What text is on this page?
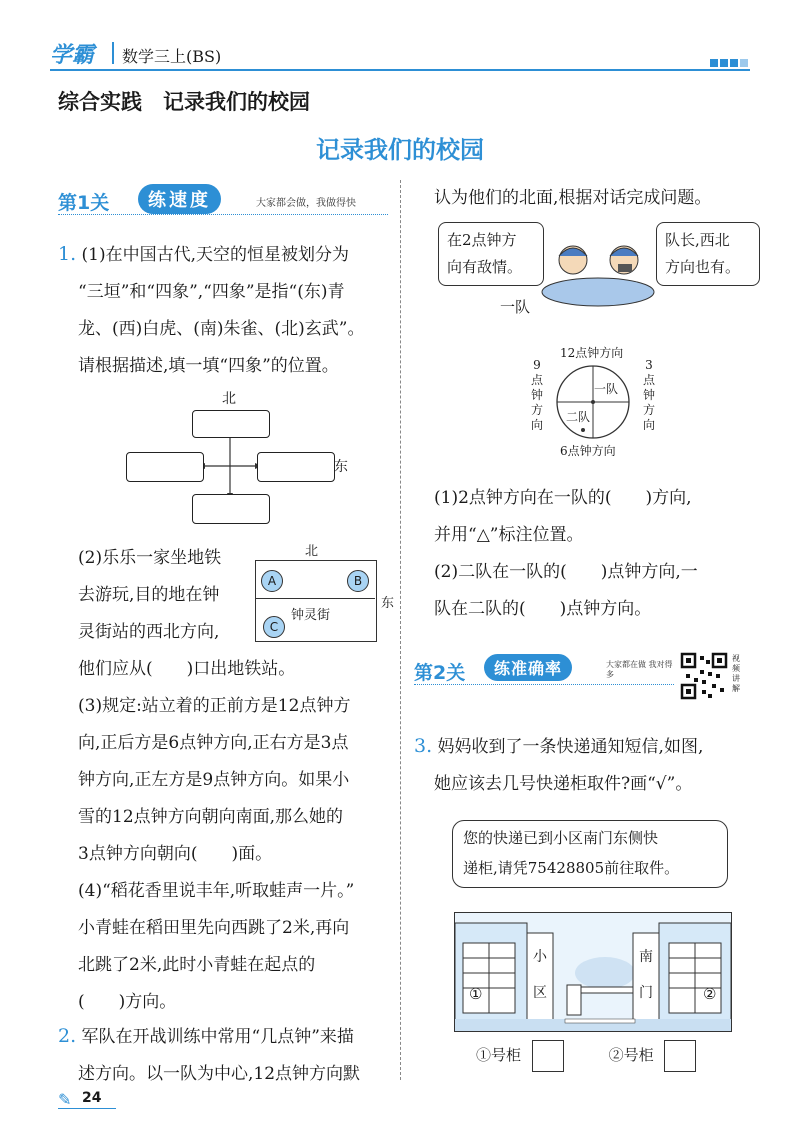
学霸 数学三上(BS)
综合实践　记录我们的校园
记录我们的校园
第1关	练速度	大家都会做，我做得快
1. (1)在中国古代,天空的恒星被划分为
“三垣”和“四象”,“四象”是指“(东)青
龙、(西)白虎、(南)朱雀、(北)玄武”。
请根据描述,填一填“四象”的位置。
北
东
(2)乐乐一家坐地铁
去游玩,目的地在钟
灵街站的西北方向,
他们应从(　　)口出地铁站。
北
东
A	B
钟灵街
C
(3)规定:站立着的正前方是12点钟方
向,正后方是6点钟方向,正右方是3点
钟方向,正左方是9点钟方向。如果小
雪的12点钟方向朝向南面,那么她的
3点钟方向朝向(　　)面。
(4)“稻花香里说丰年,听取蛙声一片。”
小青蛙在稻田里先向西跳了2米,再向
北跳了2米,此时小青蛙在起点的
(　　)方向。
2. 军队在开战训练中常用“几点钟”来描
述方向。以一队为中心,12点钟方向默
✎ 24
认为他们的北面,根据对话完成问题。
在2点钟方
向有敌情。
队长,西北
方向也有。
一队
12点钟方向
一队
二队
6点钟方向
9
点
钟
方
向
3
点
钟
方
向
(1)2点钟方向在一队的(　　)方向,
并用“△”标注位置。
(2)二队在一队的(　　)点钟方向,一
队在二队的(　　)点钟方向。
第2关	练准确率	大家都在做 我对得多
视频讲解
3. 妈妈收到了一条快递通知短信,如图,
她应该去几号快递柜取件?画“√”。
您的快递已到小区南门东侧快
递柜,请凭75428805前往取件。
小
区
南
门
①	②
①号柜	②号柜
